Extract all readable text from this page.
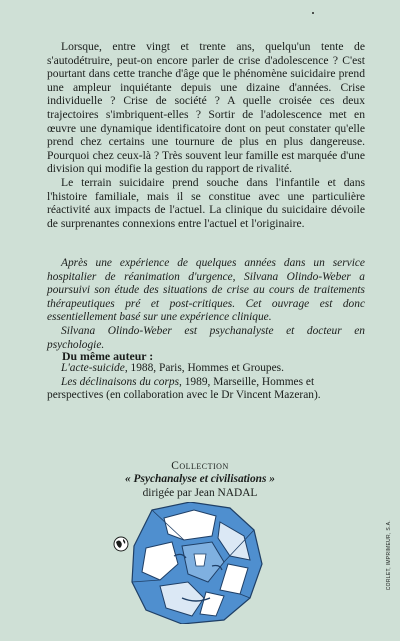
Lorsque, entre vingt et trente ans, quelqu'un tente de s'autodétruire, peut-on encore parler de crise d'adolescence ? C'est pourtant dans cette tranche d'âge que le phénomène suicidaire prend une ampleur inquiétante depuis une dizaine d'années. Crise individuelle ? Crise de société ? A quelle croisée ces deux trajectoires s'imbriquent-elles ? Sortir de l'adolescence met en œuvre une dynamique identificatoire dont on peut constater qu'elle prend chez certains une tournure de plus en plus dangereuse. Pourquoi chez ceux-là ? Très souvent leur famille est marquée d'une division qui modifie la gestion du rapport de rivalité.

Le terrain suicidaire prend souche dans l'infantile et dans l'histoire familiale, mais il se constitue avec une particulière réactivité aux impacts de l'actuel. La clinique du suicidaire dévoile de surprenantes connexions entre l'actuel et l'originaire.

Après une expérience de quelques années dans un service hospitalier de réanimation d'urgence, Silvana Olindo-Weber a poursuivi son étude des situations de crise au cours de traitements thérapeutiques pré et post-critiques. Cet ouvrage est donc essentiellement basé sur une expérience clinique.

Silvana Olindo-Weber est psychanalyste et docteur en psychologie.

Du même auteur :

L'acte-suicide, 1988, Paris, Hommes et Groupes.

Les déclinaisons du corps, 1989, Marseille, Hommes et perspectives (en collaboration avec le Dr Vincent Mazeran).

Collection
« Psychanalyse et civilisations »
dirigée par Jean NADAL
CORLET, IMPRIMEUR, S.A.
